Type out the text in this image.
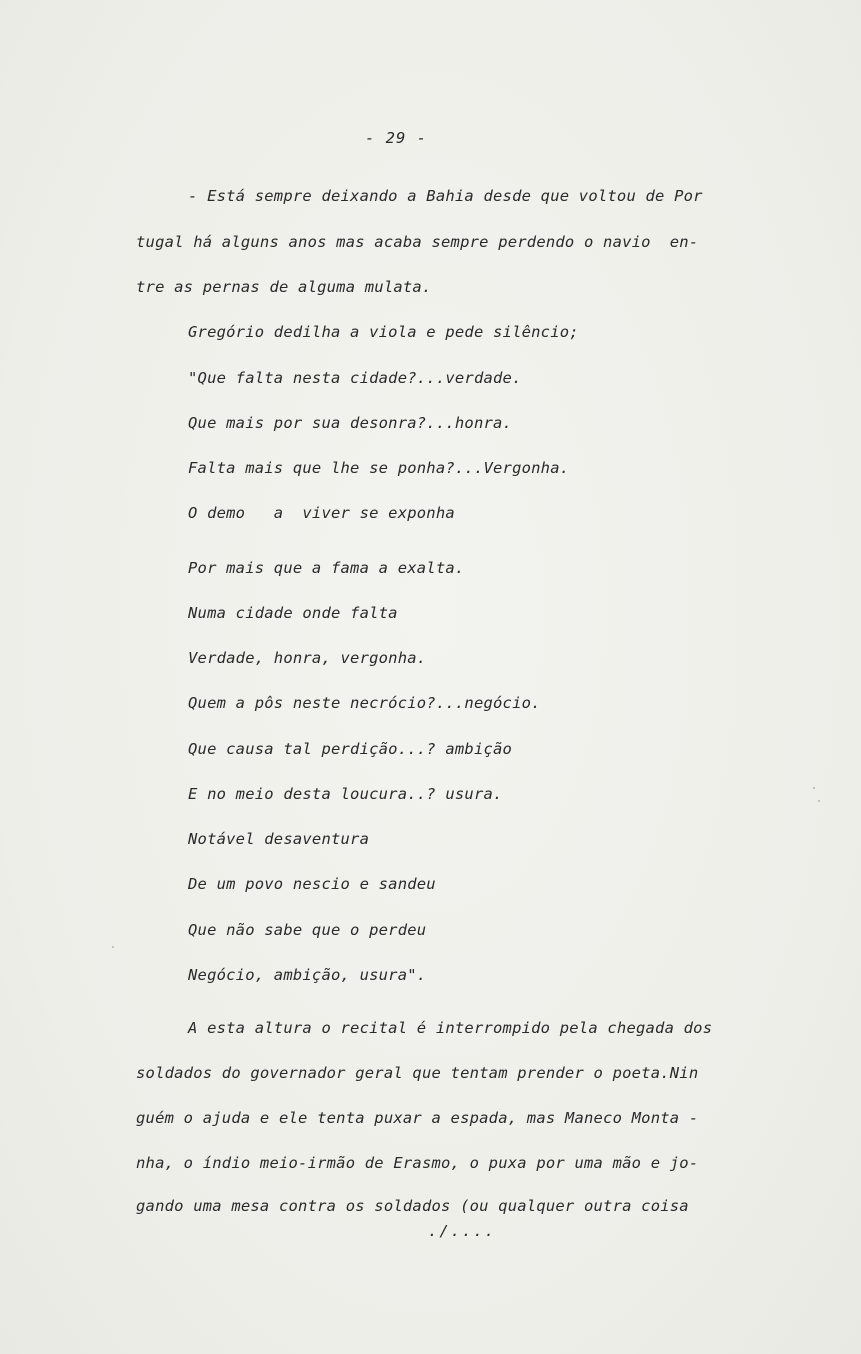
- 29 -
- Está sempre deixando a Bahia desde que voltou de Por
tugal há alguns anos mas acaba sempre perdendo o navio  en-
tre as pernas de alguma mulata.
Gregório dedilha a viola e pede silêncio;
"Que falta nesta cidade?...verdade.
Que mais por sua desonra?...honra.
Falta mais que lhe se ponha?...Vergonha.
O demo   a  viver se exponha
Por mais que a fama a exalta.
Numa cidade onde falta
Verdade, honra, vergonha.
Quem a pôs neste necrócio?...negócio.
Que causa tal perdição...? ambição
E no meio desta loucura..? usura.
Notável desaventura
De um povo nescio e sandeu
Que não sabe que o perdeu
Negócio, ambição, usura".
A esta altura o recital é interrompido pela chegada dos
soldados do governador geral que tentam prender o poeta.Nin
guém o ajuda e ele tenta puxar a espada, mas Maneco Monta -
nha, o índio meio-irmão de Erasmo, o puxa por uma mão e jo-
gando uma mesa contra os soldados (ou qualquer outra coisa
./....
